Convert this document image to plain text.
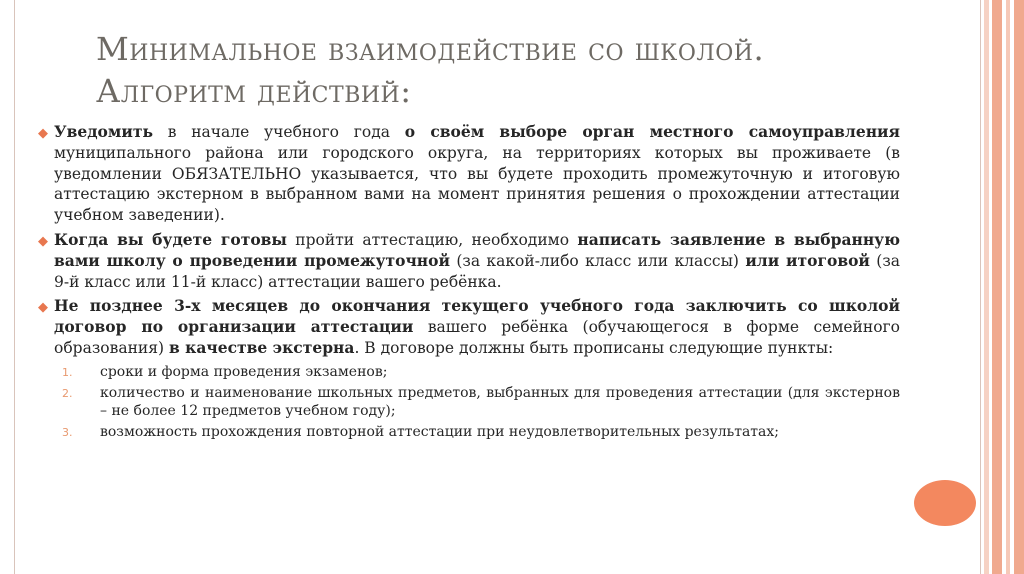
Минимальное взаимодействие со школой.
Алгоритм действий:
◆ Уведомить в начале учебного года о своём выборе орган местного самоуправления муниципального района или городского округа, на территориях которых вы проживаете (в уведомлении ОБЯЗАТЕЛЬНО указывается, что вы будете проходить промежуточную и итоговую аттестацию экстерном в выбранном вами на момент принятия решения о прохождении аттестации учебном заведении).
◆ Когда вы будете готовы пройти аттестацию, необходимо написать заявление в выбранную вами школу о проведении промежуточной (за какой-либо класс или классы) или итоговой (за 9-й класс или 11-й класс) аттестации вашего ребёнка.
◆ Не позднее 3-х месяцев до окончания текущего учебного года заключить со школой договор по организации аттестации вашего ребёнка (обучающегося в форме семейного образования) в качестве экстерна. В договоре должны быть прописаны следующие пункты:
1. сроки и форма проведения экзаменов;
2. количество и наименование школьных предметов, выбранных для проведения аттестации (для экстернов – не более 12 предметов учебном году);
3. возможность прохождения повторной аттестации при неудовлетворительных результатах;
